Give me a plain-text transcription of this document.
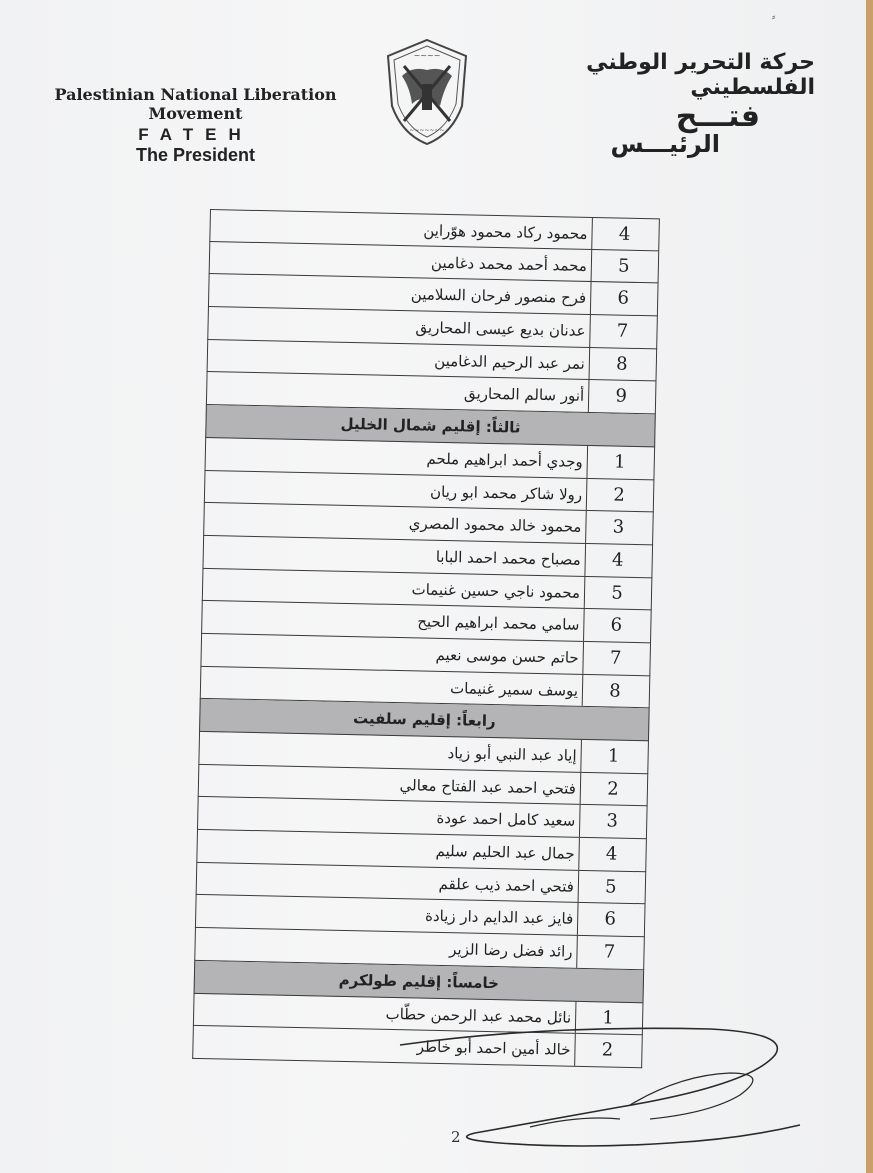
⸗
Palestinian National Liberation Movement
FATEH
The President
~~~~
~~~~~~~
حركة التحرير الوطني الفلسطيني
فتـــح
الرئيـــس
محمود ركاد محمود هوّراين	4
محمد أحمد محمد دغامين	5
فرح منصور فرحان السلامين	6
عدنان بديع عيسى المحاريق	7
نمر عبد الرحيم الدغامين	8
أنور سالم المحاريق	9
ثالثاً: إقليم شمال الخليل
وجدي أحمد ابراهيم ملحم	1
رولا شاكر محمد ابو ريان	2
محمود خالد محمود المصري	3
مصباح محمد احمد البابا	4
محمود ناجي حسين غنيمات	5
سامي محمد ابراهيم الحيح	6
حاتم حسن موسى نعيم	7
يوسف سمير غنيمات	8
رابعاً: إقليم سلفيت
إياد عبد النبي أبو زياد	1
فتحي احمد عبد الفتاح معالي	2
سعيد كامل احمد عودة	3
جمال عبد الحليم سليم	4
فتحي احمد ذيب علقم	5
فايز عبد الدايم دار زيادة	6
رائد فضل رضا الزير	7
خامساً: إقليم طولكرم
نائل محمد عبد الرحمن حطّاب	1
خالد أمين احمد أبو خاطر	2
2
